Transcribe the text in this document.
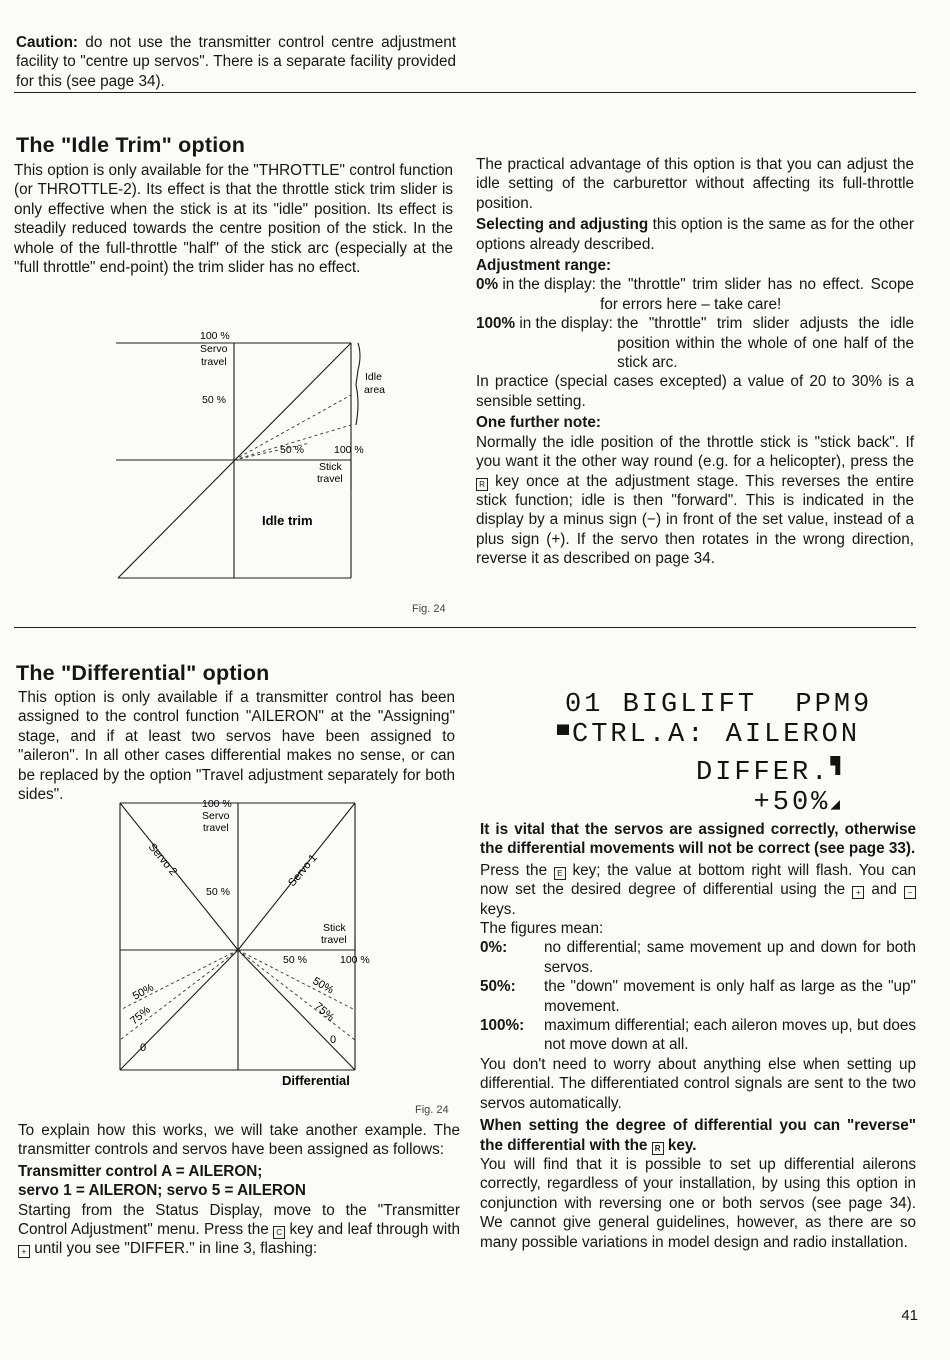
Caution: do not use the transmitter control centre adjustment facility to "centre up servos". There is a separate facility provided for this (see page 34).

The "Idle Trim" option

This option is only available for the "THROTTLE" control function (or THROTTLE-2). Its effect is that the throttle stick trim slider is only effective when the stick is at its "idle" position. Its effect is steadily reduced towards the centre position of the stick. In the whole of the full-throttle "half" of the stick arc (especially at the "full throttle" end-point) the trim slider has no effect.

100 %
Servo
travel
50 %
Idle
area
50 %	100 %
Stick
travel
Idle trim
Fig. 24

The practical advantage of this option is that you can adjust the idle setting of the carburettor without affecting its full-throttle position.

Selecting and adjusting this option is the same as for the other options already described.

Adjustment range:

0% in the display: the "throttle" trim slider has no effect. Scope for errors here – take care!
100% in the display: the "throttle" trim slider adjusts the idle position within the whole of one half of the stick arc.

In practice (special cases excepted) a value of 20 to 30% is a sensible setting.

One further note:

Normally the idle position of the throttle stick is "stick back". If you want it the other way round (e.g. for a helicopter), press the R key once at the adjustment stage. This reverses the entire stick function; idle is then "forward". This is indicated in the display by a minus sign (−) in front of the set value, instead of a plus sign (+). If the servo then rotates in the wrong direction, reverse it as described on page 34.

The "Differential" option

This option is only available if a transmitter control has been assigned to the control function "AILERON" at the "Assigning" stage, and if at least two servos have been assigned to "aileron". In all other cases differential makes no sense, or can be replaced by the option "Travel adjustment separately for both sides".

100 %
Servo
travel
50 %
Servo 2	Servo 1
Stick
travel
50 %	100 %
50%
75%
0
50%
75%
0
Differential
Fig. 24

To explain how this works, we will take another example. The transmitter controls and servos have been assigned as follows:

Transmitter control A = AILERON;

servo 1 = AILERON; servo 5 = AILERON

Starting from the Status Display, move to the "Transmitter Control Adjustment" menu. Press the C key and leaf through with + until you see "DIFFER." in line 3, flashing:

01 BIGLIFT  PPM9
▀CTRL.A: AILERON
DIFFER.▜
+50%◢

It is vital that the servos are assigned correctly, otherwise the differential movements will not be correct (see page 33).

Press the E key; the value at bottom right will flash. You can now set the desired degree of differential using the + and − keys.

The figures mean:

0%:	no differential; same movement up and down for both servos.
50%:	the "down" movement is only half as large as the "up" movement.
100%:	maximum differential; each aileron moves up, but does not move down at all.

You don't need to worry about anything else when setting up differential. The differentiated control signals are sent to the two servos automatically.

When setting the degree of differential you can "reverse" the differential with the R key.

You will find that it is possible to set up differential ailerons correctly, regardless of your installation, by using this option in conjunction with reversing one or both servos (see page 34). We cannot give general guidelines, however, as there are so many possible variations in model design and radio installation.

41
